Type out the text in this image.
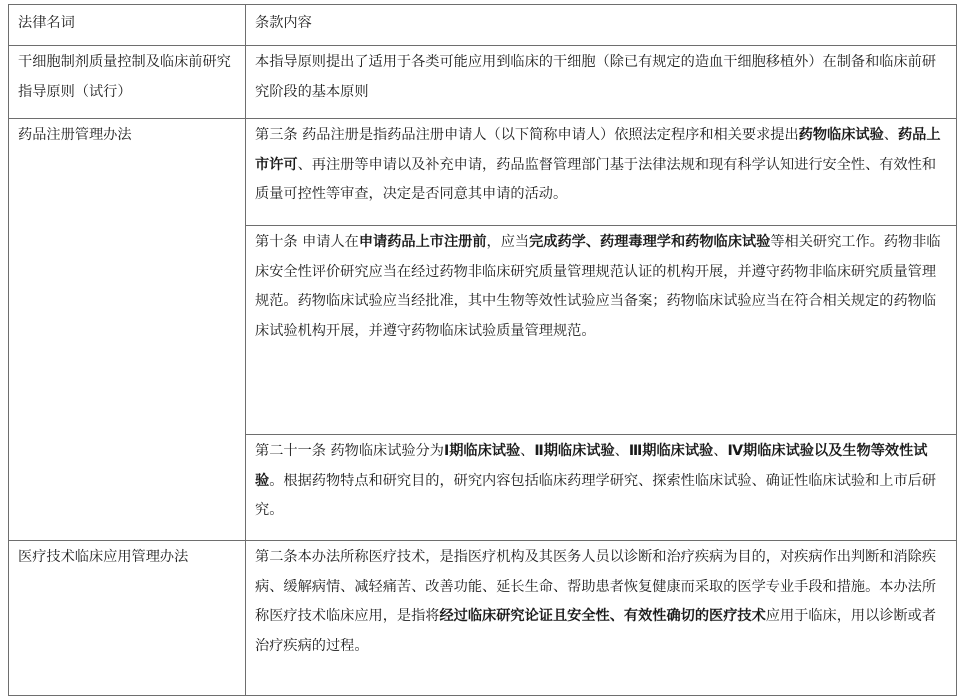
法律名词	条款内容
干细胞制剂质量控制及临床前研究指导原则（试行）	本指导原则提出了适用于各类可能应用到临床的干细胞（除已有规定的造血干细胞移植外）在制备和临床前研究阶段的基本原则
药品注册管理办法	第三条 药品注册是指药品注册申请人（以下简称申请人）依照法定程序和相关要求提出药物临床试验、药品上市许可、再注册等申请以及补充申请，药品监督管理部门基于法律法规和现有科学认知进行安全性、有效性和质量可控性等审查，决定是否同意其申请的活动。
	第十条 申请人在申请药品上市注册前，应当完成药学、药理毒理学和药物临床试验等相关研究工作。药物非临床安全性评价研究应当在经过药物非临床研究质量管理规范认证的机构开展，并遵守药物非临床研究质量管理规范。药物临床试验应当经批准，其中生物等效性试验应当备案；药物临床试验应当在符合相关规定的药物临床试验机构开展，并遵守药物临床试验质量管理规范。
	第二十一条 药物临床试验分为Ⅰ期临床试验、Ⅱ期临床试验、Ⅲ期临床试验、Ⅳ期临床试验以及生物等效性试验。根据药物特点和研究目的，研究内容包括临床药理学研究、探索性临床试验、确证性临床试验和上市后研究。
医疗技术临床应用管理办法	第二条本办法所称医疗技术，是指医疗机构及其医务人员以诊断和治疗疾病为目的，对疾病作出判断和消除疾病、缓解病情、减轻痛苦、改善功能、延长生命、帮助患者恢复健康而采取的医学专业手段和措施。本办法所称医疗技术临床应用，是指将经过临床研究论证且安全性、有效性确切的医疗技术应用于临床，用以诊断或者治疗疾病的过程。
